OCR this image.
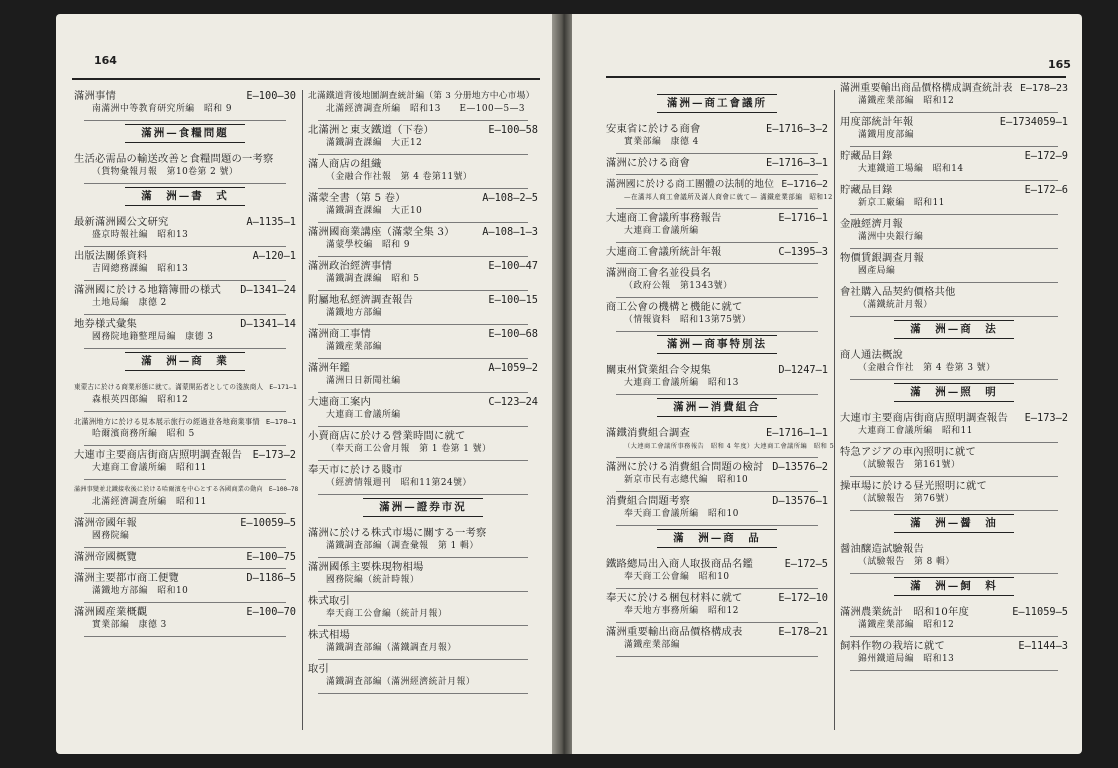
164
滿洲事情	E—100—30
南滿洲中等教育研究所編　昭和 9
滿洲—食糧問題
生活必需品の輸送改善と食糧問題の一考察
（貨物彙報月報　第10卷第 2 號）
滿　洲—書　式
最新滿洲國公文研究	A—1135—1
盛京時報社編　昭和13
出版法關係資料	A—120—1
吉岡總務課編　昭和13
滿洲國に於ける地籍簿冊の様式	D—1341—24
土地局編　康德 2
地券様式彙集	D—1341—14
國務院地籍整理局編　康德 3
滿　洲—商　業
東蒙古に於ける商業形態に就て。滿蒙開拓者としての淺族商人 E—171—1
森根英四郎編　昭和12
北滿洲地方に於ける見本展示旅行の經過並各地商業事情 E—170—1
哈爾濱商務所編　昭和 5
大連市主要商店街商店照明調査報告	E—173—2
大連商工會議所編　昭和11
滿洲事變並北鐵接收後に於ける哈爾濱を中心とする各國商業の動向 E—100—78
北滿經濟調査所編　昭和11
滿洲帝國年報	E—10059—5
國務院編
滿洲帝國概覽	E—100—75
滿洲主要都市商工便覽	D—1186—5
滿鐵地方部編　昭和10
滿洲國産業概觀	E—100—70
實業部編　康德 3
北滿鐵道背後地圖調査統計編（第 3 分册地方中心市場）
北滿經濟調査所編　昭和13　　E—100—5—3
北滿洲と東支鐵道（下卷）	E—100—58
滿鐵調査課編　大正12
滿人商店の組織
（金融合作社報　第 4 卷第11號）
滿蒙全書（第 5 卷）	A—108—2—5
滿鐵調査課編　大正10
滿洲國商業講座（滿蒙全集 3）	A—108—1—3
滿蒙學校編　昭和 9
滿洲政治經濟事情	E—100—47
滿鐵調査課編　昭和 5
附屬地私經濟調査報告	E—100—15
滿鐵地方部編
滿洲商工事情	E—100—68
滿鐵産業部編
滿洲年鑑	A—1059—2
滿洲日日新聞社編
大連商工案内	C—123—24
大連商工會議所編
小賣商店に於ける營業時間に就て
（奉天商工公會月報　第 1 卷第 1 號）
奉天市に於ける賤市
（經濟情報週刊　昭和11第24號）
滿洲—證券市況
滿洲に於ける株式市場に關する一考察
滿鐵調査部編（調査彙報　第 1 輯）
滿洲國係主要株現物相場
國務院編（統計時報）
株式取引
奉天商工公會編（統計月報）
株式相場
滿鐵調査部編（滿鐵調査月報）
取引
滿鐵調査部編（滿洲經濟統計月報）
165
滿洲—商工會議所
安東省に於ける商會	E—1716—3—2
實業部編　康德 4
滿洲に於ける商會	E—1716—3—1
滿洲國に於ける商工團體の法制的地位 E—1716—2
—在滿邦人商工會議所及滿人商會に就て— 滿鐵産業部編　昭和12
大連商工會議所事務報告	E—1716—1
大連商工會議所編
大連商工會議所統計年報	C—1395—3
滿洲商工會名並役員名
（政府公報　第1343號）
商工公會の機構と機能に就て
（情報資料　昭和13第75號）
滿洲—商事特別法
關東州貸業組合令規集	D—1247—1
大連商工會議所編　昭和13
滿洲—消費組合
滿鐵消費組合調查	E—1716—1—1
（大連商工會議所事務報告　昭和 4 年度）大連商工會議所編　昭和 5
滿洲に於ける消費組合問題の檢討 D—13576—2
新京市民有志總代編　昭和10
消費組合問題考察	D—13576—1
奉天商工會議所編　昭和10
滿　洲—商　品
鐵路總局出入商人取扱商品名鑑	E—172—5
奉天商工公會編　昭和10
奉天に於ける梱包材料に就て	E—172—10
奉天地方事務所編　昭和12
滿洲重要輸出商品價格構成表	E—178—21
滿鐵産業部編
滿洲重要輸出商品價格構成調查統計表 E—178—23
滿鐵産業部編　昭和12
用度部統計年報	E—1734059—1
滿鐵用度部編
貯藏品目錄	E—172—9
大連鐵道工場編　昭和14
貯藏品目錄	E—172—6
新京工廠編　昭和11
金融經濟月報
滿洲中央銀行編
物價賃銀調查月報
國產局編
會社購入品契約價格共他
（滿鐵統計月報）
滿　洲—商　法
商人通法概說
（金融合作社　第 4 卷第 3 號）
滿　洲—照　明
大連市主要商店街商店照明調查報告	E—173—2
大連商工會議所編　昭和11
特急アジアの車內照明に就て
（試驗報告　第161號）
操車場に於ける昼光照明に就て
（試驗報告　第76號）
滿　洲—醤　油
醤油醸造試驗報告
（試驗報告　第 8 輯）
滿　洲—飼　料
滿洲農業統計　昭和10年度	E—11059—5
滿鐵産業部編　昭和12
飼料作物の栽培に就て	E—1144—3
錦州鐵道局編　昭和13
